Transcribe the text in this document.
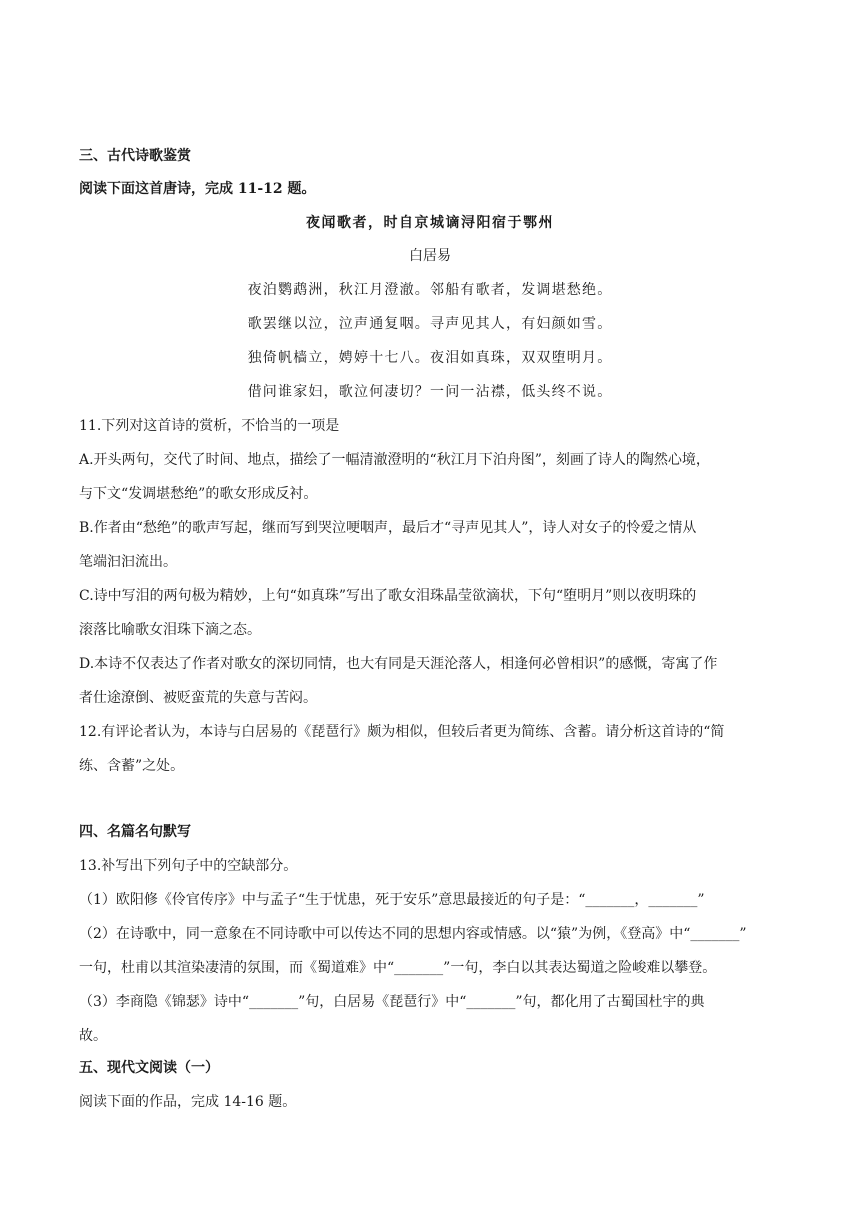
三、古代诗歌鉴赏
阅读下面这首唐诗，完成 11-12 题。
夜闻歌者，时自京城谪浔阳宿于鄂州
白居易
夜泊鹦鹉洲，秋江月澄澈。邻船有歌者，发调堪愁绝。
歌罢继以泣，泣声通复咽。寻声见其人，有妇颜如雪。
独倚帆樯立，娉婷十七八。夜泪如真珠，双双堕明月。
借问谁家妇，歌泣何凄切？一问一沾襟，低头终不说。
11.下列对这首诗的赏析，不恰当的一项是
A.开头两句，交代了时间、地点，描绘了一幅清澈澄明的“秋江月下泊舟图”，刻画了诗人的陶然心境，
与下文“发调堪愁绝”的歌女形成反衬。
B.作者由“愁绝”的歌声写起，继而写到哭泣哽咽声，最后才“寻声见其人”，诗人对女子的怜爱之情从
笔端汩汩流出。
C.诗中写泪的两句极为精妙，上句“如真珠”写出了歌女泪珠晶莹欲滴状，下句“堕明月”则以夜明珠的
滚落比喻歌女泪珠下滴之态。
D.本诗不仅表达了作者对歌女的深切同情，也大有同是天涯沦落人，相逢何必曾相识”的感慨，寄寓了作
者仕途潦倒、被贬蛮荒的失意与苦闷。
12.有评论者认为，本诗与白居易的《琵琶行》颇为相似，但较后者更为简练、含蓄。请分析这首诗的“简
练、含蓄”之处。
四、名篇名句默写
13.补写出下列句子中的空缺部分。
（1）欧阳修《伶官传序》中与孟子“生于忧患，死于安乐”意思最接近的句子是：“_______，_______”
（2）在诗歌中，同一意象在不同诗歌中可以传达不同的思想内容或情感。以“猿”为例，《登高》中“_______”
一句，杜甫以其渲染凄清的氛围，而《蜀道难》中“_______”一句，李白以其表达蜀道之险峻难以攀登。
（3）李商隐《锦瑟》诗中“_______”句，白居易《琵琶行》中“_______”句，都化用了古蜀国杜宇的典
故。
五、现代文阅读（一）
阅读下面的作品，完成 14-16 题。
